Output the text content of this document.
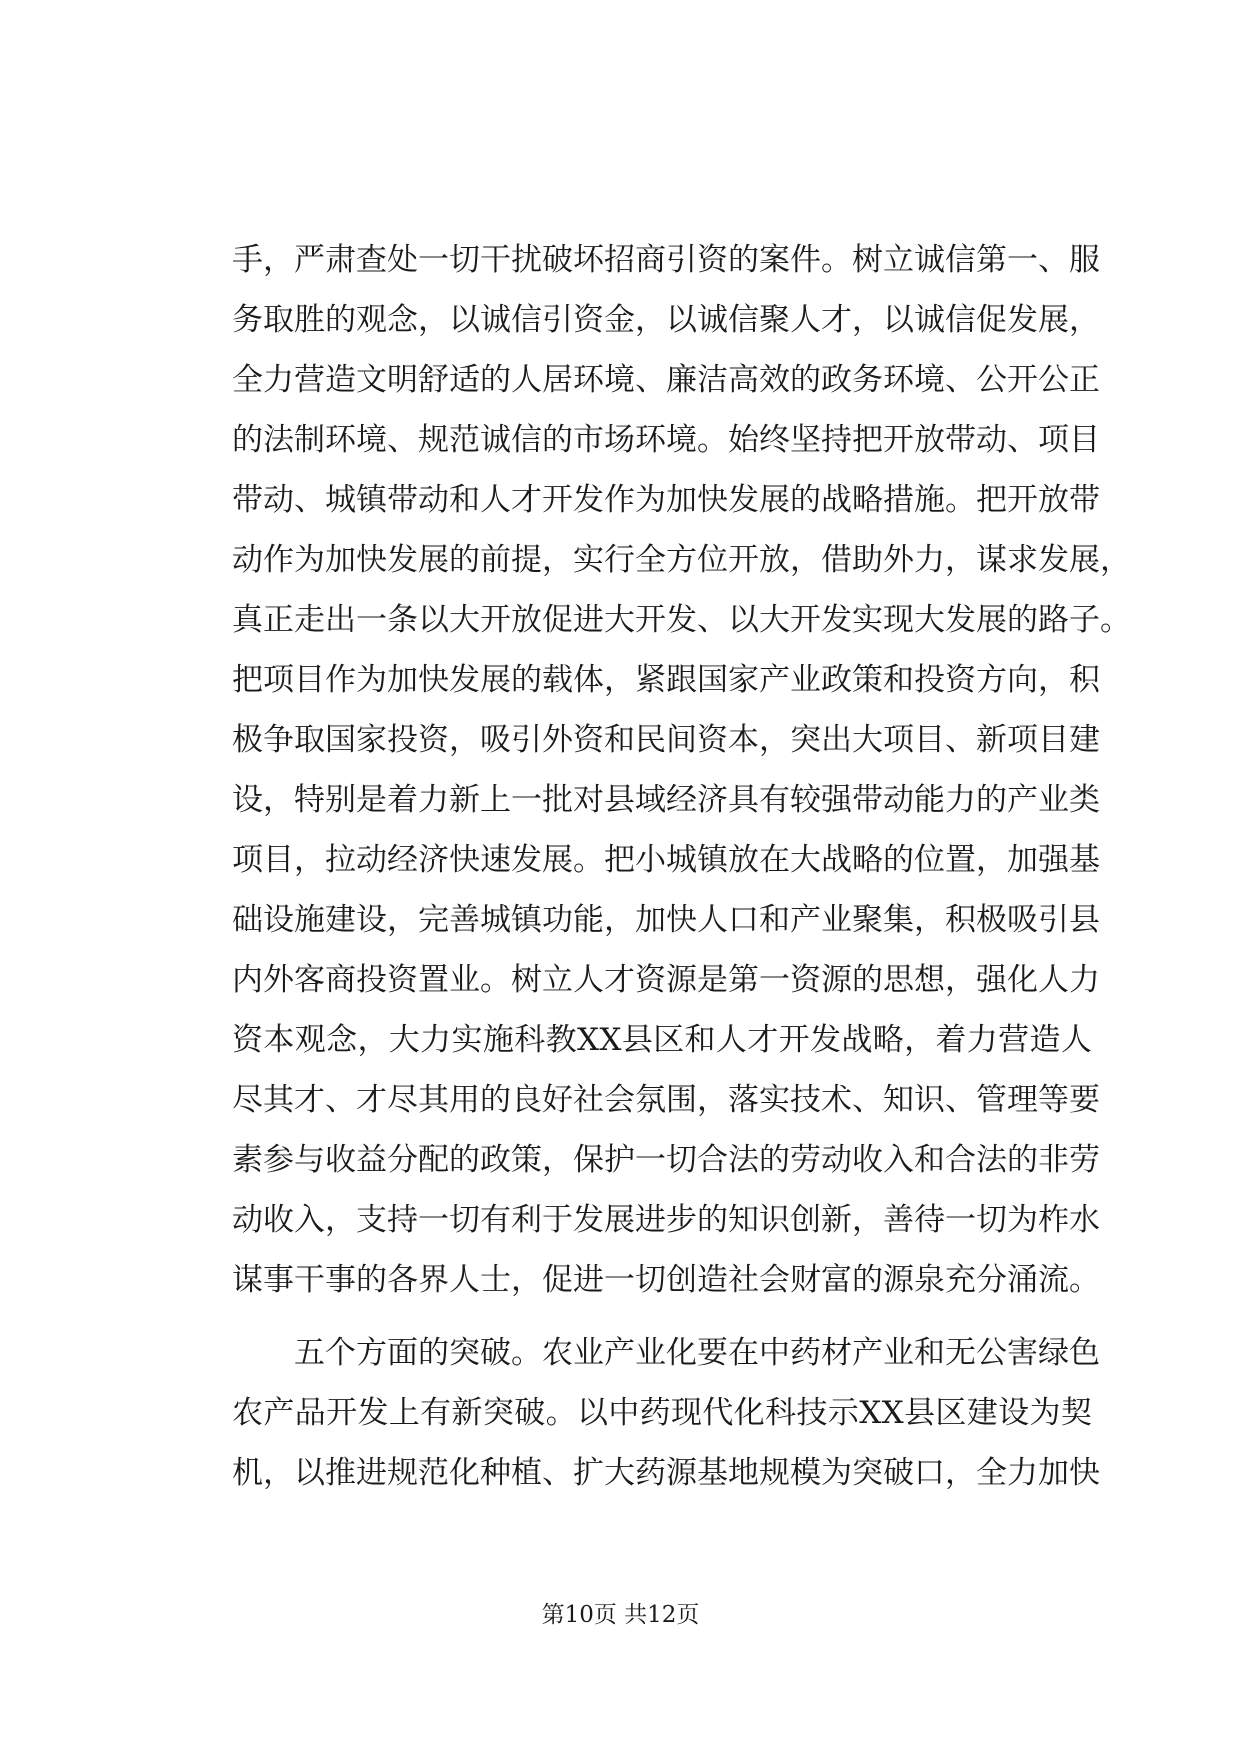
手 ， 严 肃 查 处 一 切 干 扰 破 坏 招 商 引 资 的 案 件 。 树 立 诚 信 第 一 、 服
务 取 胜 的 观 念 ， 以 诚 信 引 资 金 ， 以 诚 信 聚 人 才 ， 以 诚 信 促 发 展 ，
全 力 营 造 文 明 舒 适 的 人 居 环 境 、 廉 洁 高 效 的 政 务 环 境 、 公 开 公 正
的 法 制 环 境 、 规 范 诚 信 的 市 场 环 境 。 始 终 坚 持 把 开 放 带 动 、 项 目
带 动 、 城 镇 带 动 和 人 才 开 发 作 为 加 快 发 展 的 战 略 措 施 。 把 开 放 带
动 作 为 加 快 发 展 的 前 提 ， 实 行 全 方 位 开 放 ， 借 助 外 力 ， 谋 求 发 展 ，
真 正 走 出 一 条 以 大 开 放 促 进 大 开 发 、 以 大 开 发 实 现 大 发 展 的 路 子 。
把 项 目 作 为 加 快 发 展 的 载 体 ， 紧 跟 国 家 产 业 政 策 和 投 资 方 向 ， 积
极 争 取 国 家 投 资 ， 吸 引 外 资 和 民 间 资 本 ， 突 出 大 项 目 、 新 项 目 建
设 ， 特 别 是 着 力 新 上 一 批 对 县 域 经 济 具 有 较 强 带 动 能 力 的 产 业 类
项 目 ， 拉 动 经 济 快 速 发 展 。 把 小 城 镇 放 在 大 战 略 的 位 置 ， 加 强 基
础 设 施 建 设 ， 完 善 城 镇 功 能 ， 加 快 人 口 和 产 业 聚 集 ， 积 极 吸 引 县
内 外 客 商 投 资 置 业 。 树 立 人 才 资 源 是 第 一 资 源 的 思 想 ， 强 化 人 力
资 本 观 念 ， 大 力 实 施 科 教 X X 县 区 和 人 才 开 发 战 略 ， 着 力 营 造 人
尽 其 才 、 才 尽 其 用 的 良 好 社 会 氛 围 ， 落 实 技 术 、 知 识 、 管 理 等 要
素 参 与 收 益 分 配 的 政 策 ， 保 护 一 切 合 法 的 劳 动 收 入 和 合 法 的 非 劳
动 收 入 ， 支 持 一 切 有 利 于 发 展 进 步 的 知 识 创 新 ， 善 待 一 切 为 柞 水
谋 事 干 事 的 各 界 人 士 ， 促 进 一 切 创 造 社 会 财 富 的 源 泉 充 分 涌 流 。
五 个 方 面 的 突 破 。 农 业 产 业 化 要 在 中 药 材 产 业 和 无 公 害 绿 色
农 产 品 开 发 上 有 新 突 破 。 以 中 药 现 代 化 科 技 示 X X 县 区 建 设 为 契
机 ， 以 推 进 规 范 化 种 植 、 扩 大 药 源 基 地 规 模 为 突 破 口 ， 全 力 加 快
第10页 共12页
